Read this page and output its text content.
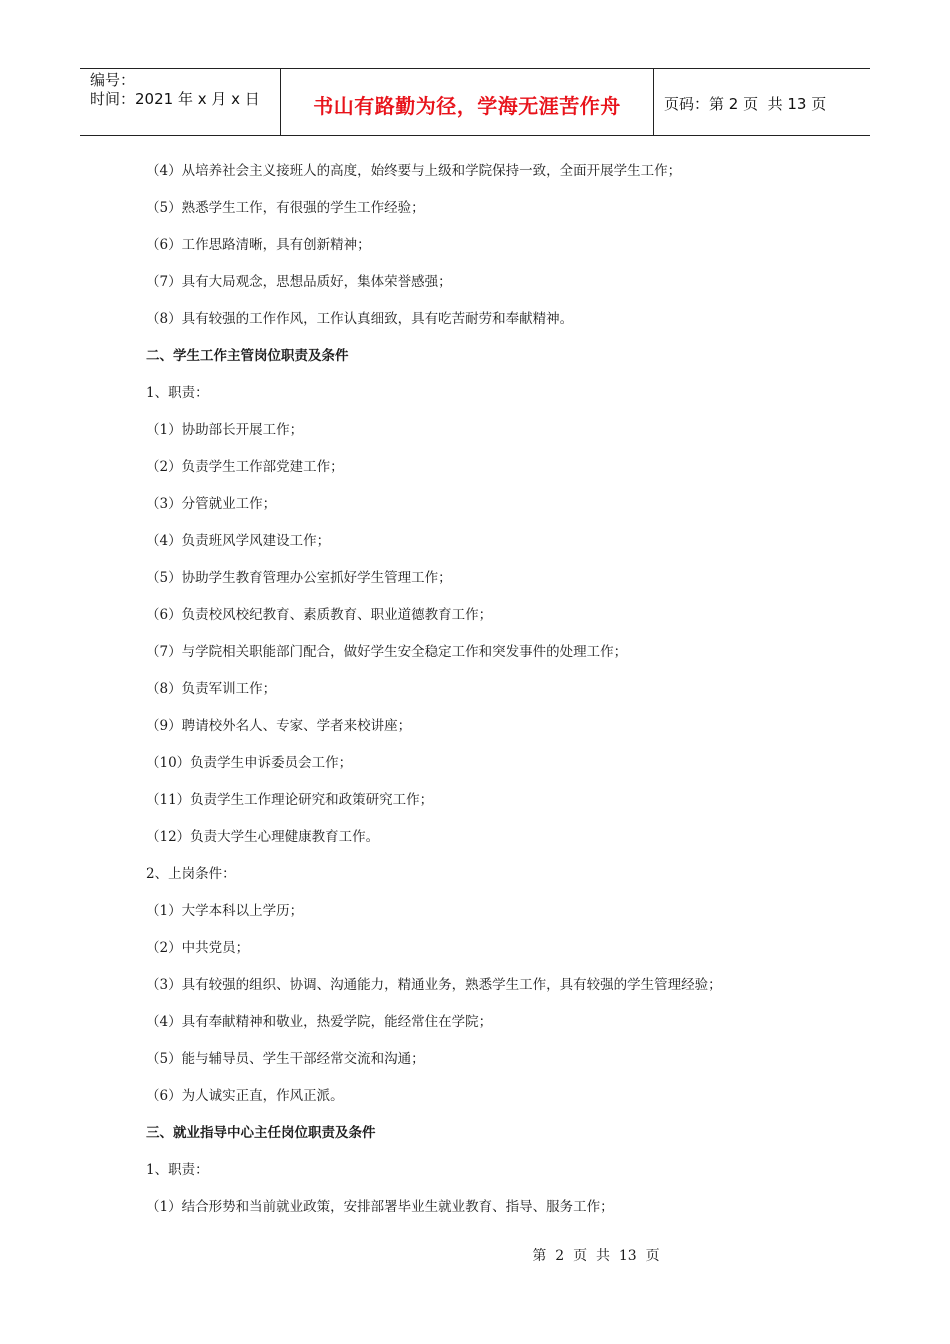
编号：
时间：2021 年 x 月 x 日	书山有路勤为径，学海无涯苦作舟	页码：第 2 页  共 13 页
（4）从培养社会主义接班人的高度，始终要与上级和学院保持一致，全面开展学生工作；
（5）熟悉学生工作，有很强的学生工作经验；
（6）工作思路清晰，具有创新精神；
（7）具有大局观念，思想品质好，集体荣誉感强；
（8）具有较强的工作作风，工作认真细致，具有吃苦耐劳和奉献精神。
二、学生工作主管岗位职责及条件
1、职责：
（1）协助部长开展工作；
（2）负责学生工作部党建工作；
（3）分管就业工作；
（4）负责班风学风建设工作；
（5）协助学生教育管理办公室抓好学生管理工作；
（6）负责校风校纪教育、素质教育、职业道德教育工作；
（7）与学院相关职能部门配合，做好学生安全稳定工作和突发事件的处理工作；
（8）负责军训工作；
（9）聘请校外名人、专家、学者来校讲座；
（10）负责学生申诉委员会工作；
（11）负责学生工作理论研究和政策研究工作；
（12）负责大学生心理健康教育工作。
2、上岗条件：
（1）大学本科以上学历；
（2）中共党员；
（3）具有较强的组织、协调、沟通能力，精通业务，熟悉学生工作，具有较强的学生管理经验；
（4）具有奉献精神和敬业，热爱学院，能经常住在学院；
（5）能与辅导员、学生干部经常交流和沟通；
（6）为人诚实正直，作风正派。
三、就业指导中心主任岗位职责及条件
1、职责：
（1）结合形势和当前就业政策，安排部署毕业生就业教育、指导、服务工作；
第  2  页  共  13  页
